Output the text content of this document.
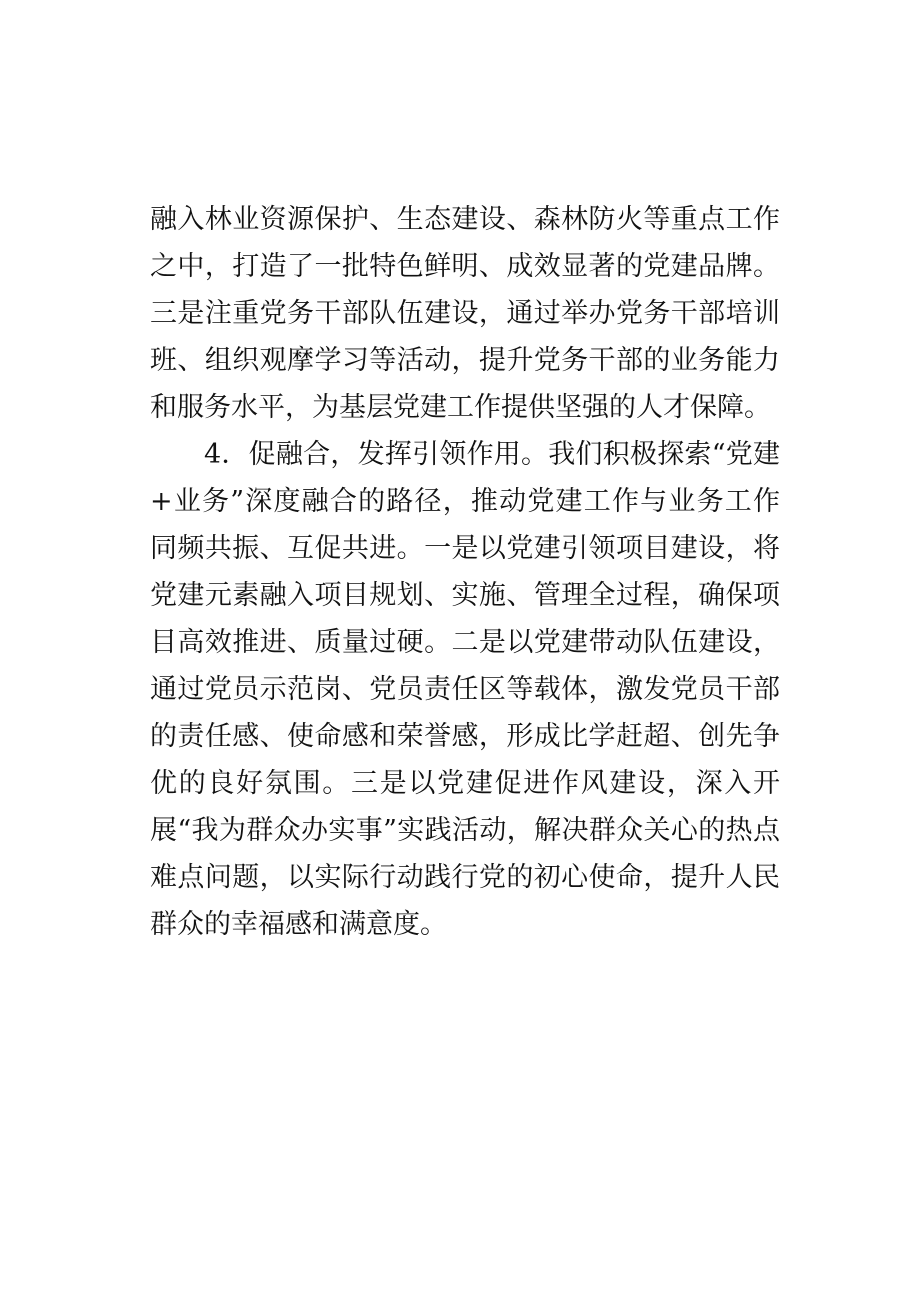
融入林业资源保护、生态建设、森林防火等重点工作之中，打造了一批特色鲜明、成效显著的党建品牌。三是注重党务干部队伍建设，通过举办党务干部培训班、组织观摩学习等活动，提升党务干部的业务能力和服务水平，为基层党建工作提供坚强的人才保障。

4．促融合，发挥引领作用。我们积极探索“党建+业务”深度融合的路径，推动党建工作与业务工作同频共振、互促共进。一是以党建引领项目建设，将党建元素融入项目规划、实施、管理全过程，确保项目高效推进、质量过硬。二是以党建带动队伍建设，通过党员示范岗、党员责任区等载体，激发党员干部的责任感、使命感和荣誉感，形成比学赶超、创先争优的良好氛围。三是以党建促进作风建设，深入开展“我为群众办实事”实践活动，解决群众关心的热点难点问题，以实际行动践行党的初心使命，提升人民群众的幸福感和满意度。
